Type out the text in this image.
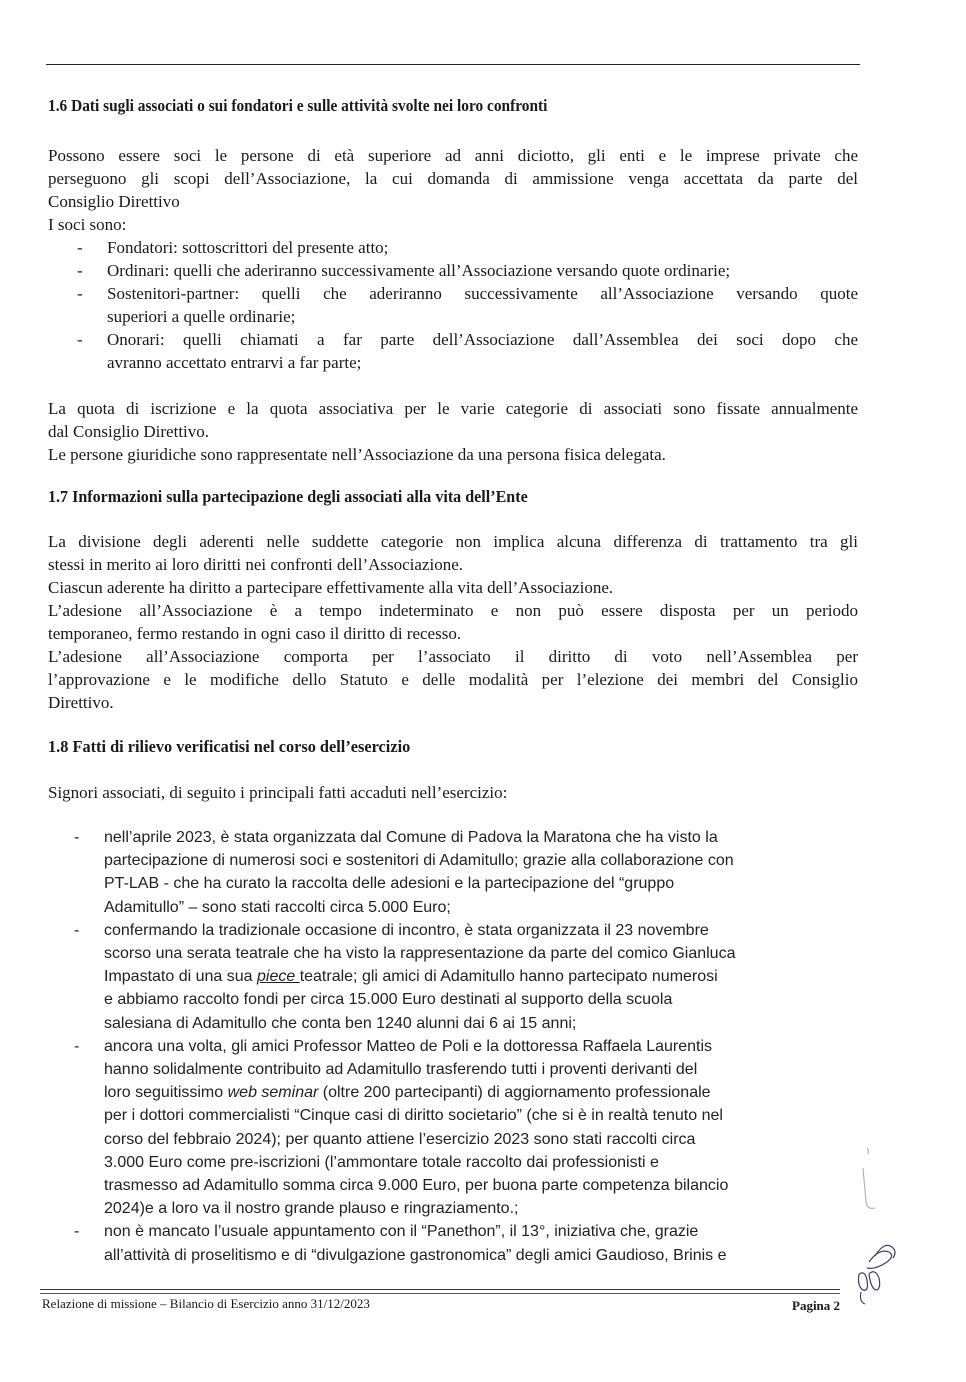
1.6 Dati sugli associati o sui fondatori e sulle attività svolte nei loro confronti
Possono essere soci le persone di età superiore ad anni diciotto, gli enti e le imprese private che
perseguono gli scopi dell’Associazione, la cui domanda di ammissione venga accettata da parte del
Consiglio Direttivo
I soci sono:
- Fondatori: sottoscrittori del presente atto;
- Ordinari: quelli che aderiranno successivamente all’Associazione versando quote ordinarie;
- Sostenitori-partner: quelli che aderiranno successivamente all’Associazione versando quote
superiori a quelle ordinarie;
- Onorari: quelli chiamati a far parte dell’Associazione dall’Assemblea dei soci dopo che
avranno accettato entrarvi a far parte;
La quota di iscrizione e la quota associativa per le varie categorie di associati sono fissate annualmente
dal Consiglio Direttivo.
Le persone giuridiche sono rappresentate nell’Associazione da una persona fisica delegata.
1.7 Informazioni sulla partecipazione degli associati alla vita dell’Ente
La divisione degli aderenti nelle suddette categorie non implica alcuna differenza di trattamento tra gli
stessi in merito ai loro diritti nei confronti dell’Associazione.
Ciascun aderente ha diritto a partecipare effettivamente alla vita dell’Associazione.
L’adesione all’Associazione è a tempo indeterminato e non può essere disposta per un periodo
temporaneo, fermo restando in ogni caso il diritto di recesso.
L’adesione all’Associazione comporta per l’associato il diritto di voto nell’Assemblea per
l’approvazione e le modifiche dello Statuto e delle modalità per l’elezione dei membri del Consiglio
Direttivo.
1.8 Fatti di rilievo verificatisi nel corso dell’esercizio
Signori associati, di seguito i principali fatti accaduti nell’esercizio:
- nell’aprile 2023, è stata organizzata dal Comune di Padova la Maratona che ha visto la
partecipazione di numerosi soci e sostenitori di Adamitullo; grazie alla collaborazione con
PT-LAB - che ha curato la raccolta delle adesioni e la partecipazione del “gruppo
Adamitullo” – sono stati raccolti circa 5.000 Euro;
- confermando la tradizionale occasione di incontro, è stata organizzata il 23 novembre
scorso una serata teatrale che ha visto la rappresentazione da parte del comico Gianluca
Impastato di una sua piece teatrale; gli amici di Adamitullo hanno partecipato numerosi
e abbiamo raccolto fondi per circa 15.000 Euro destinati al supporto della scuola
salesiana di Adamitullo che conta ben 1240 alunni dai 6 ai 15 anni;
- ancora una volta, gli amici Professor Matteo de Poli e la dottoressa Raffaela Laurentis
hanno solidalmente contribuito ad Adamitullo trasferendo tutti i proventi derivanti del
loro seguitissimo web seminar (oltre 200 partecipanti) di aggiornamento professionale
per i dottori commercialisti “Cinque casi di diritto societario” (che si è in realtà tenuto nel
corso del febbraio 2024); per quanto attiene l’esercizio 2023 sono stati raccolti circa
3.000 Euro come pre-iscrizioni (l’ammontare totale raccolto dai professionisti e
trasmesso ad Adamitullo somma circa 9.000 Euro, per buona parte competenza bilancio
2024)e a loro va il nostro grande plauso e ringraziamento.;
- non è mancato l’usuale appuntamento con il “Panethon”, il 13°, iniziativa che, grazie
all’attività di proselitismo e di “divulgazione gastronomica” degli amici Gaudioso, Brinis e
Relazione di missione – Bilancio di Esercizio anno 31/12/2023	Pagina 2
